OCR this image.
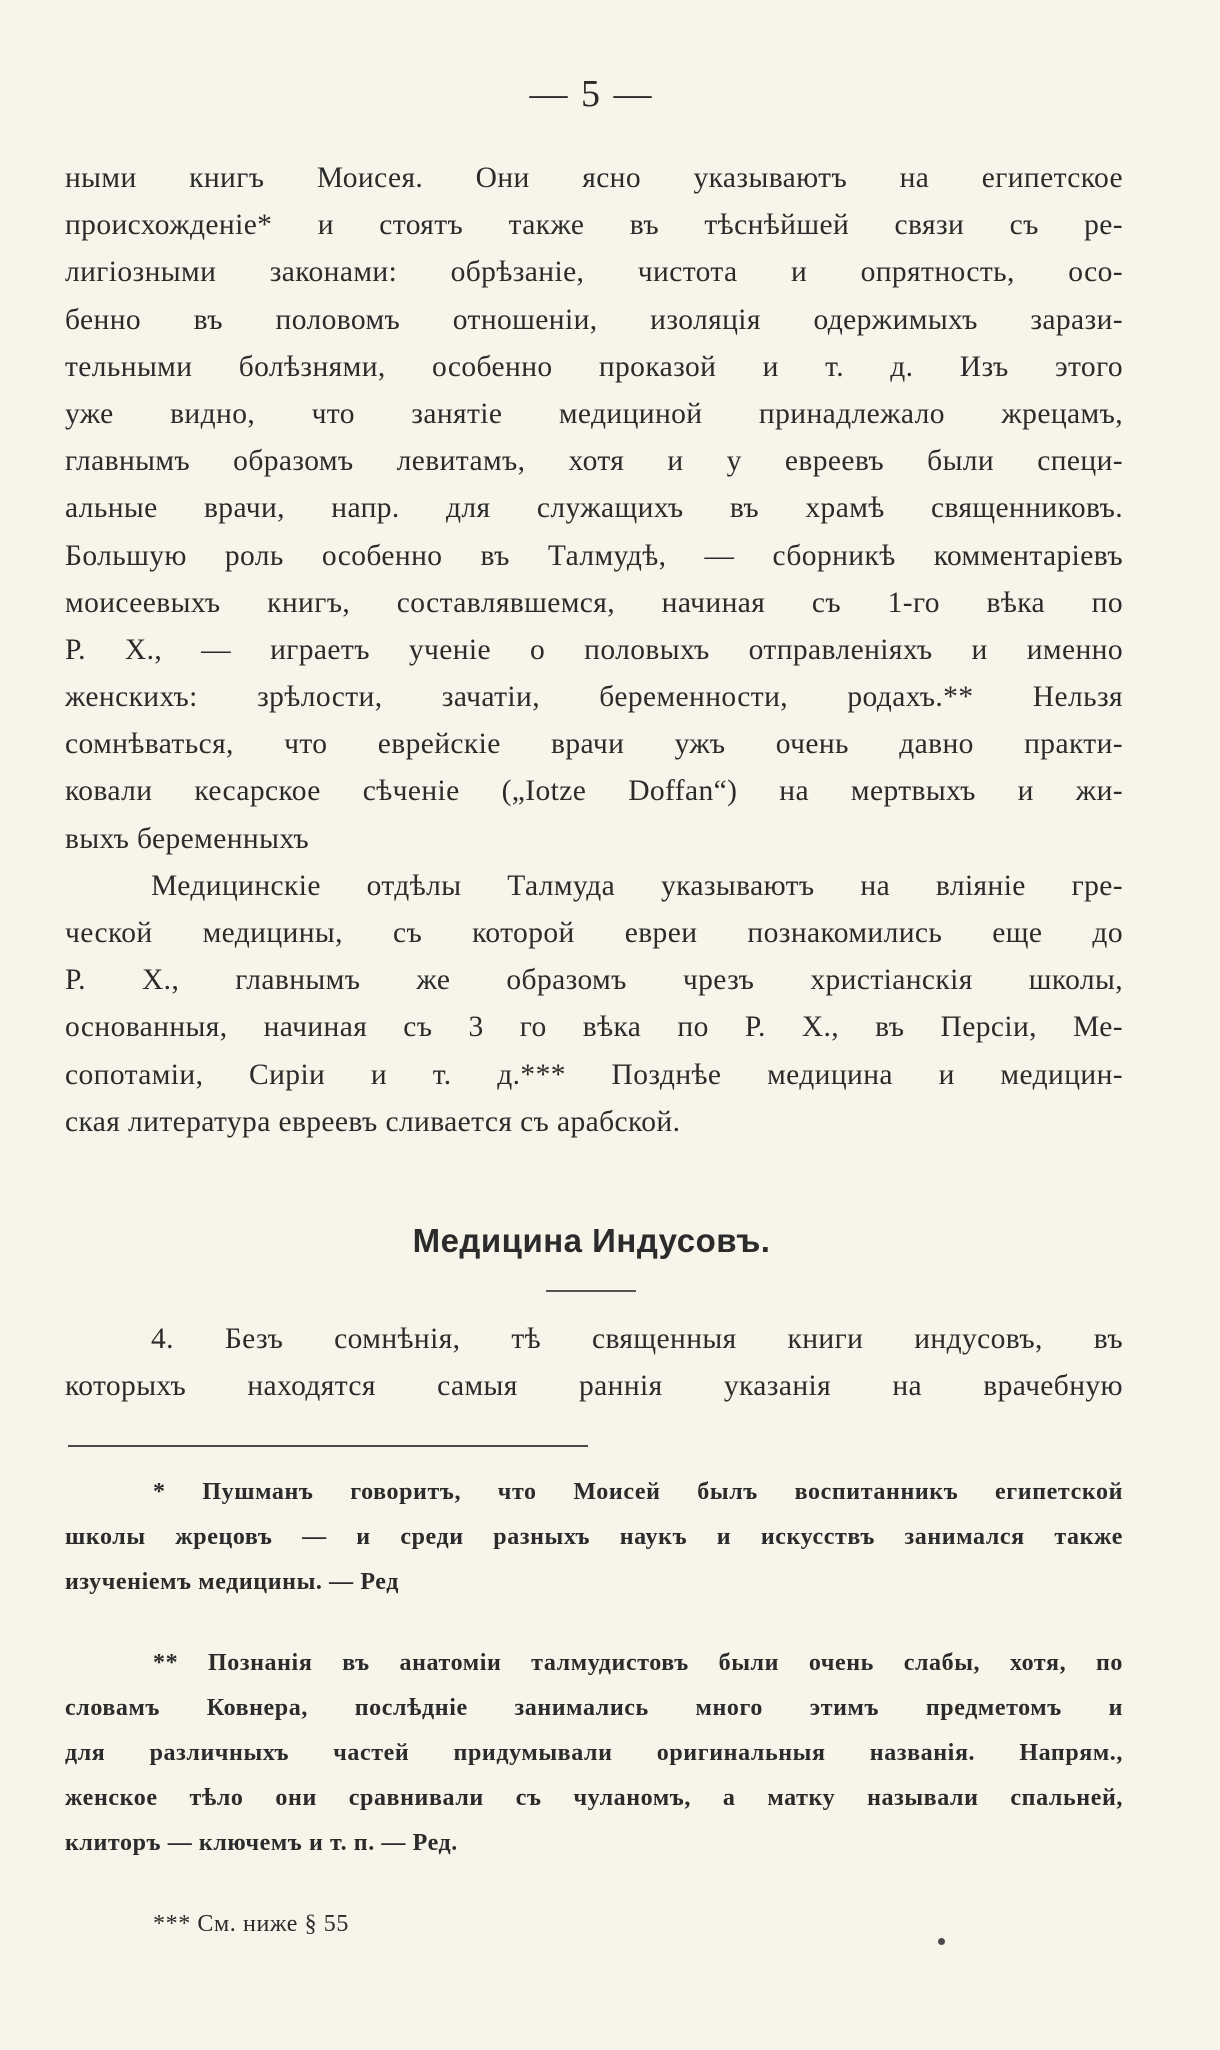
— 5 —
ными книгъ Моисея. Они ясно указываютъ на египетское
происхожденіе* и стоятъ также въ тѣснѣйшей связи съ ре-
лигіозными законами: обрѣзаніе, чистота и опрятность, осо-
бенно въ половомъ отношеніи, изоляція одержимыхъ зарази-
тельными болѣзнями, особенно проказой и т. д. Изъ этого
уже видно, что занятіе медициной принадлежало жрецамъ,
главнымъ образомъ левитамъ, хотя и у евреевъ были специ-
альные врачи, напр. для служащихъ въ храмѣ священниковъ.
Большую роль особенно въ Талмудѣ, — сборникѣ комментаріевъ
моисеевыхъ книгъ, составлявшемся, начиная съ 1-го вѣка по
Р. Х., — играетъ ученіе о половыхъ отправленіяхъ и именно
женскихъ: зрѣлости, зачатіи, беременности, родахъ.** Нельзя
сомнѣваться, что еврейскіе врачи ужъ очень давно практи-
ковали кесарское сѣченіе („Iotze Doffan“) на мертвыхъ и жи-
выхъ беременныхъ
Медицинскіе отдѣлы Талмуда указываютъ на вліяніе гре-
ческой медицины, съ которой евреи познакомились еще до
Р. Х., главнымъ же образомъ чрезъ христіанскія школы,
основанныя, начиная съ 3 го вѣка по Р. Х., въ Персіи, Ме-
сопотаміи, Сиріи и т. д.*** Позднѣе медицина и медицин-
ская литература евреевъ сливается съ арабской.
Медицина Индусовъ.
4. Безъ сомнѣнія, тѣ священныя книги индусовъ, въ
которыхъ находятся самыя раннія указанія на врачебную
* Пушманъ говоритъ, что Моисей былъ воспитанникъ египетской
школы жрецовъ — и среди разныхъ наукъ и искусствъ занимался также
изученіемъ медицины. — Ред
** Познанія въ анатоміи талмудистовъ были очень слабы, хотя, по
словамъ Ковнера, послѣдніе занимались много этимъ предметомъ и
для различныхъ частей придумывали оригинальныя названія. Напрям.,
женское тѣло они сравнивали съ чуланомъ, а матку называли спальней,
клиторъ — ключемъ и т. п. — Ред.
*** См. ниже § 55
